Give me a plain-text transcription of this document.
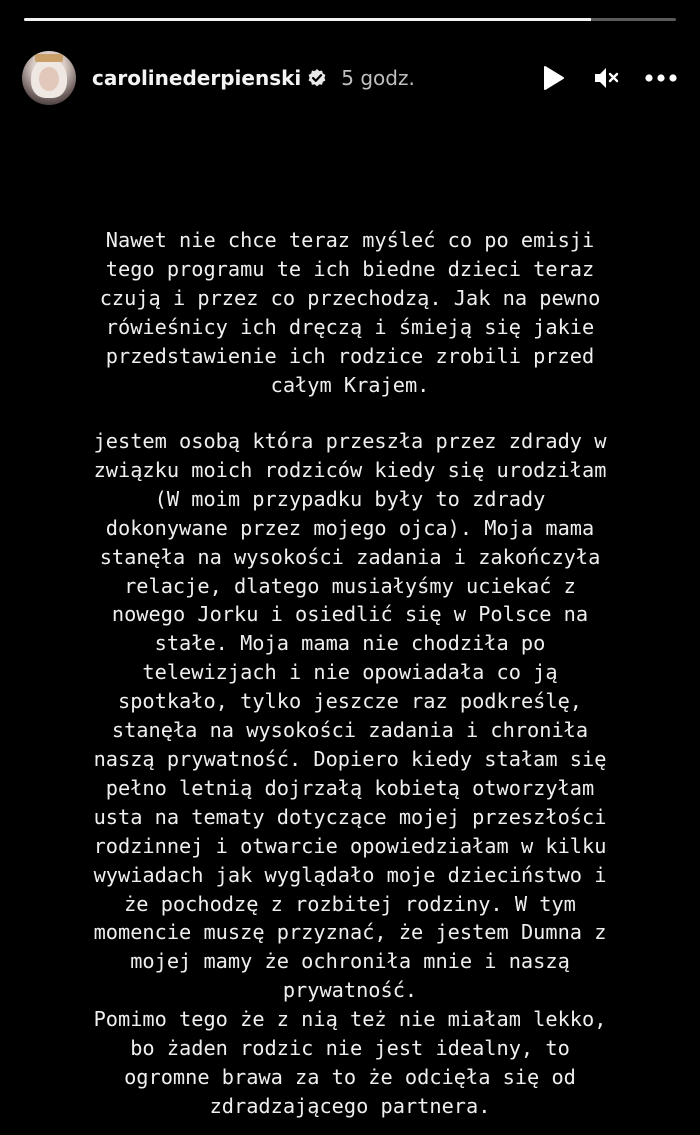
carolinederpienski 5 godz.

Nawet nie chce teraz myśleć co po emisji
tego programu te ich biedne dzieci teraz
czują i przez co przechodzą. Jak na pewno
rówieśnicy ich dręczą i śmieją się jakie
przedstawienie ich rodzice zrobili przed
całym Krajem.

jestem osobą która przeszła przez zdrady w
związku moich rodziców kiedy się urodziłam
(W moim przypadku były to zdrady
dokonywane przez mojego ojca). Moja mama
stanęła na wysokości zadania i zakończyła
relacje, dlatego musiałyśmy uciekać z
nowego Jorku i osiedlić się w Polsce na
stałe. Moja mama nie chodziła po
telewizjach i nie opowiadała co ją
spotkało, tylko jeszcze raz podkreślę,
stanęła na wysokości zadania i chroniła
naszą prywatność. Dopiero kiedy stałam się
pełno letnią dojrzałą kobietą otworzyłam
usta na tematy dotyczące mojej przeszłości
rodzinnej i otwarcie opowiedziałam w kilku
wywiadach jak wyglądało moje dzieciństwo i
że pochodzę z rozbitej rodziny. W tym
momencie muszę przyznać, że jestem Dumna z
mojej mamy że ochroniła mnie i naszą
prywatność.
Pomimo tego że z nią też nie miałam lekko,
bo żaden rodzic nie jest idealny, to
ogromne brawa za to że odcięła się od
zdradzającego partnera.
